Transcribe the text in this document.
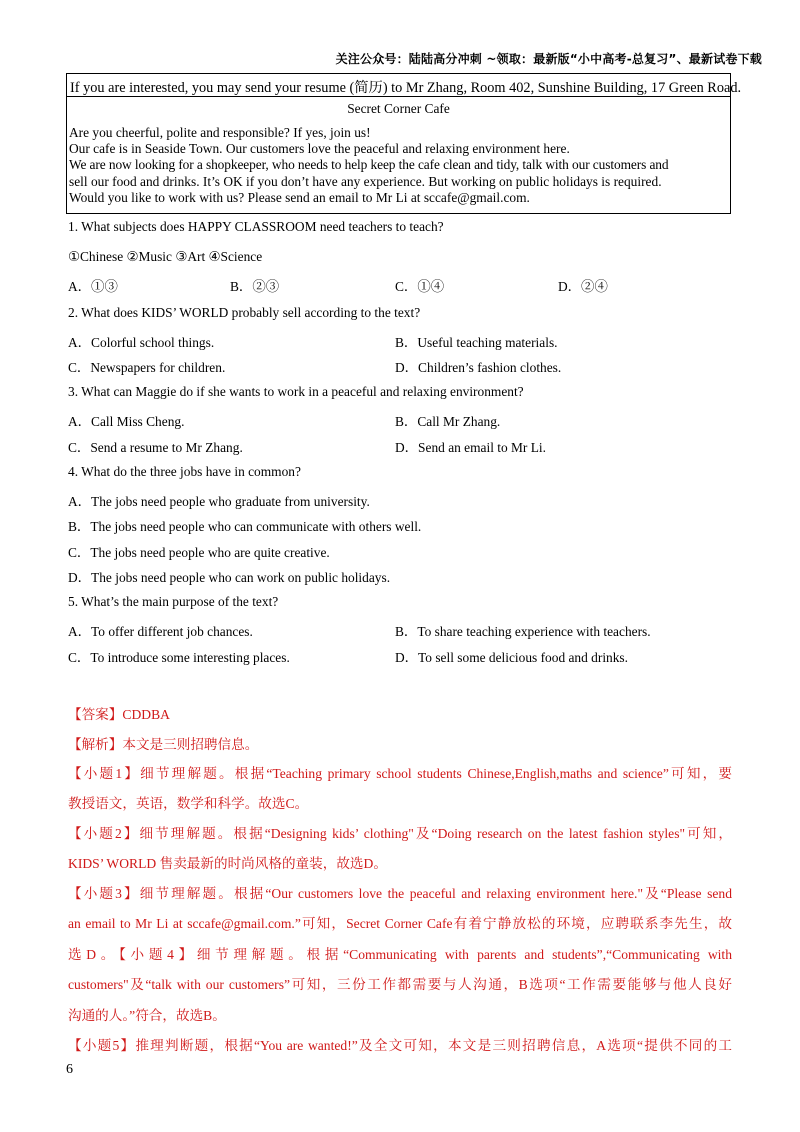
关注公众号：陆陆高分冲刺 ~领取：最新版“小中高考-总复习”、最新试卷下载
If you are interested, you may send your resume (简历) to Mr Zhang, Room 402, Sunshine Building, 17 Green Road.
Secret Corner Cafe
Are you cheerful, polite and responsible? If yes, join us!
Our cafe is in Seaside Town. Our customers love the peaceful and relaxing environment here.
We are now looking for a shopkeeper, who needs to help keep the cafe clean and tidy, talk with our customers and
sell our food and drinks. It’s OK if you don’t have any experience. But working on public holidays is required.
Would you like to work with us? Please send an email to Mr Li at sccafe@gmail.com.
1. What subjects does HAPPY CLASSROOM need teachers to teach?
①Chinese ②Music ③Art ④Science
A．①③	B．②③	C．①④	D．②④
2. What does KIDS’ WORLD probably sell according to the text?
A．Colorful school things.	B．Useful teaching materials.
C．Newspapers for children.	D．Children’s fashion clothes.
3. What can Maggie do if she wants to work in a peaceful and relaxing environment?
A．Call Miss Cheng.	B．Call Mr Zhang.
C．Send a resume to Mr Zhang.	D．Send an email to Mr Li.
4. What do the three jobs have in common?
A．The jobs need people who graduate from university.
B．The jobs need people who can communicate with others well.
C．The jobs need people who are quite creative.
D．The jobs need people who can work on public holidays.
5. What’s the main purpose of the text?
A．To offer different job chances.	B．To share teaching experience with teachers.
C．To introduce some interesting places.	D．To sell some delicious food and drinks.
【答案】CDDBA
【解析】本文是三则招聘信息。
【小题1】细节理解题。根据“Teaching primary school students Chinese,English,maths and science”可知，要
教授语文，英语，数学和科学。故选C。
【小题2】细节理解题。根据“Designing kids’ clothing"及“Doing research on the latest fashion styles"可知，
KIDS’ WORLD 售卖最新的时尚风格的童装，故选D。
【小题3】细节理解题。根据“Our customers love the peaceful and relaxing environment here."及“Please send
an email to Mr Li at sccafe@gmail.com.”可知，Secret Corner Cafe有着宁静放松的环境，应聘联系李先生，故
选D。【小题4】细节理解题。根据“Communicating with parents and students”,“Communicating with
customers"及“talk with our customers”可知，三份工作都需要与人沟通，B选项“工作需要能够与他人良好
沟通的人。”符合，故选B。
【小题5】推理判断题，根据“You are wanted!”及全文可知，本文是三则招聘信息，A选项“提供不同的工
6
